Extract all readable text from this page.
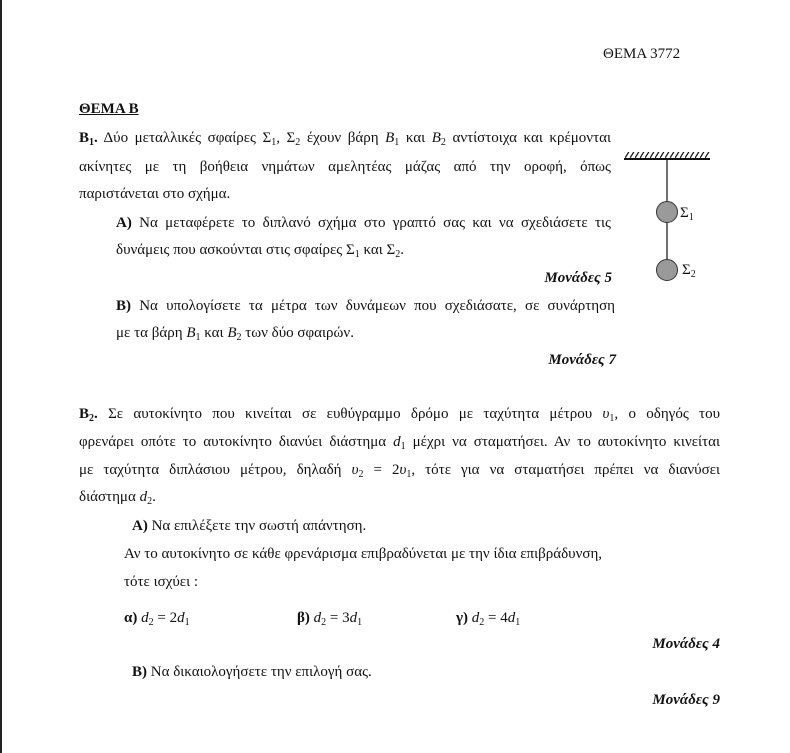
ΘΕΜΑ 3772
ΘΕΜΑ Β
$B_1$. Δύο μεταλλικές σφαίρες $\Sigma_1$, $\Sigma_2$ έχουν βάρη $B_1$ και $B_2$ αντίστοιχα και κρέμονται
ακίνητες με τη βοήθεια νημάτων αμελητέας μάζας από την οροφή, όπως
παριστάνεται στο σχήμα.
Α) Να μεταφέρετε το διπλανό σχήμα στο γραπτό σας και να σχεδιάσετε τις
δυνάμεις που ασκούνται στις σφαίρες $\Sigma_1$ και $\Sigma_2$.
Μονάδες 5
Β) Να υπολογίσετε τα μέτρα των δυνάμεων που σχεδιάσατε, σε συνάρτηση
με τα βάρη $B_1$ και $B_2$ των δύο σφαιρών.
Μονάδες 7
$\Sigma_1$
$\Sigma_2$
$B_2$. Σε αυτοκίνητο που κινείται σε ευθύγραμμο δρόμο με ταχύτητα μέτρου $\upsilon_1$, ο οδηγός του
φρενάρει οπότε το αυτοκίνητο διανύει διάστημα $d_1$ μέχρι να σταματήσει. Αν το αυτοκίνητο κινείται
με ταχύτητα διπλάσιου μέτρου, δηλαδή $\upsilon_2 = 2\upsilon_1$, τότε για να σταματήσει πρέπει να διανύσει
διάστημα $d_2$.
Α) Να επιλέξετε την σωστή απάντηση.
Αν το αυτοκίνητο σε κάθε φρενάρισμα επιβραδύνεται με την ίδια επιβράδυνση,
τότε ισχύει :
α) $d_2 = 2d_1$	β) $d_2 = 3d_1$	γ) $d_2 = 4d_1$
Μονάδες 4
Β) Να δικαιολογήσετε την επιλογή σας.
Μονάδες 9
